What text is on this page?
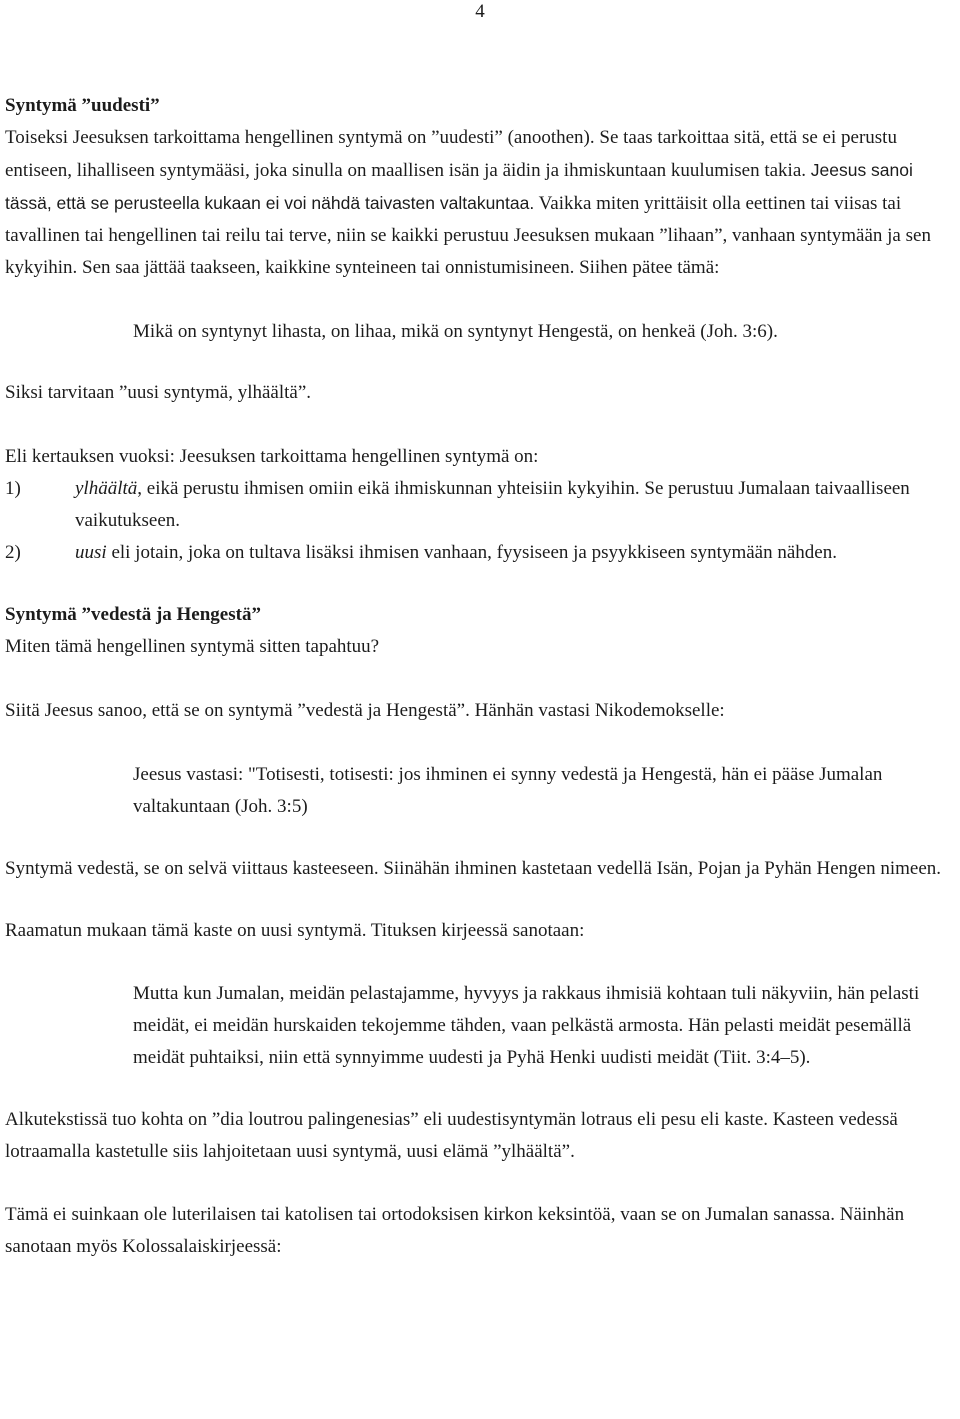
4

Syntymä ”uudesti”

Toiseksi Jeesuksen tarkoittama hengellinen syntymä on ”uudesti” (anoothen). Se taas tarkoittaa sitä, että se ei perustu entiseen, lihalliseen syntymääsi, joka sinulla on maallisen isän ja äidin ja ihmiskuntaan kuulumisen takia. Jeesus sanoi tässä, että se perusteella kukaan ei voi nähdä taivasten valtakuntaa. Vaikka miten yrittäisit olla eettinen tai viisas tai tavallinen tai hengellinen tai reilu tai terve, niin se kaikki perustuu Jeesuksen mukaan ”lihaan”, vanhaan syntymään ja sen kykyihin. Sen saa jättää taakseen, kaikkine synteineen tai onnistumisineen. Siihen pätee tämä:

Mikä on syntynyt lihasta, on lihaa, mikä on syntynyt Hengestä, on henkeä (Joh. 3:6).

Siksi tarvitaan ”uusi syntymä, ylhäältä”.

Eli kertauksen vuoksi: Jeesuksen tarkoittama hengellinen syntymä on:

1)	ylhäältä, eikä perustu ihmisen omiin eikä ihmiskunnan yhteisiin kykyihin. Se perustuu Jumalaan taivaalliseen vaikutukseen.
2)	uusi eli jotain, joka on tultava lisäksi ihmisen vanhaan, fyysiseen ja psyykkiseen syntymään nähden.

Syntymä ”vedestä ja Hengestä”

Miten tämä hengellinen syntymä sitten tapahtuu?

Siitä Jeesus sanoo, että se on syntymä ”vedestä ja Hengestä”. Hänhän vastasi Nikodemokselle:

Jeesus vastasi: "Totisesti, totisesti: jos ihminen ei synny vedestä ja Hengestä, hän ei pääse Jumalan valtakuntaan (Joh. 3:5)

Syntymä vedestä, se on selvä viittaus kasteeseen. Siinähän ihminen kastetaan vedellä Isän, Pojan ja Pyhän Hengen nimeen.

Raamatun mukaan tämä kaste on uusi syntymä. Tituksen kirjeessä sanotaan:

Mutta kun Jumalan, meidän pelastajamme, hyvyys ja rakkaus ihmisiä kohtaan tuli näkyviin, hän pelasti meidät, ei meidän hurskaiden tekojemme tähden, vaan pelkästä armosta. Hän pelasti meidät pesemällä meidät puhtaiksi, niin että synnyimme uudesti ja Pyhä Henki uudisti meidät (Tiit. 3:4–5).

Alkutekstissä tuo kohta on ”dia loutrou palingenesias” eli uudestisyntymän lotraus eli pesu eli kaste. Kasteen vedessä lotraamalla kastetulle siis lahjoitetaan uusi syntymä, uusi elämä ”ylhäältä”.

Tämä ei suinkaan ole luterilaisen tai katolisen tai ortodoksisen kirkon keksintöä, vaan se on Jumalan sanassa. Näinhän sanotaan myös Kolossalaiskirjeessä:
